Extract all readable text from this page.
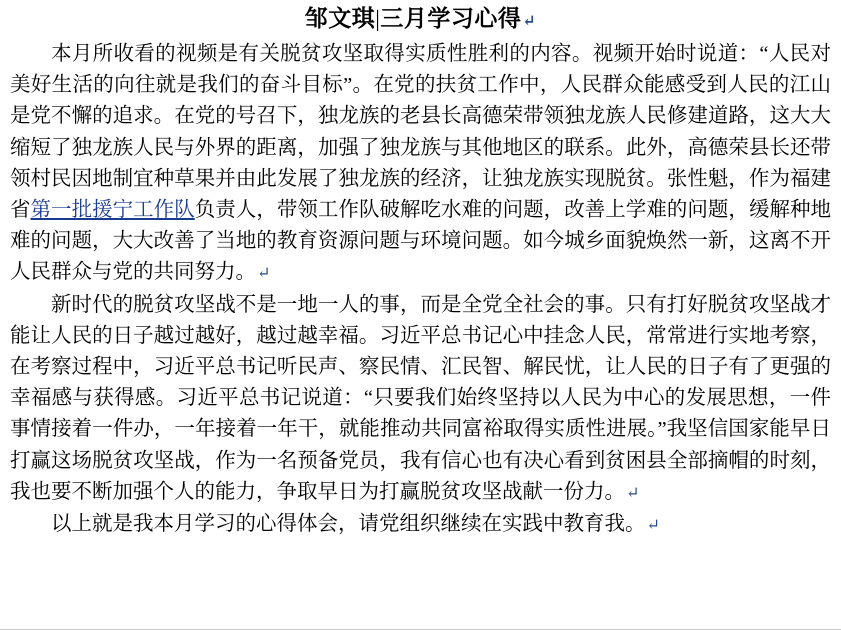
邹文琪|三月学习心得↵

本月所收看的视频是有关脱贫攻坚取得实质性胜利的内容。视频开始时说道：“人民对美好生活的向往就是我们的奋斗目标”。在党的扶贫工作中，人民群众能感受到人民的江山是党不懈的追求。在党的号召下，独龙族的老县长高德荣带领独龙族人民修建道路，这大大缩短了独龙族人民与外界的距离，加强了独龙族与其他地区的联系。此外，高德荣县长还带领村民因地制宜种草果并由此发展了独龙族的经济，让独龙族实现脱贫。张性魁，作为福建省第一批援宁工作队负责人，带领工作队破解吃水难的问题，改善上学难的问题，缓解种地难的问题，大大改善了当地的教育资源问题与环境问题。如今城乡面貌焕然一新，这离不开人民群众与党的共同努力。↵

新时代的脱贫攻坚战不是一地一人的事，而是全党全社会的事。只有打好脱贫攻坚战才能让人民的日子越过越好，越过越幸福。习近平总书记心中挂念人民，常常进行实地考察，在考察过程中，习近平总书记听民声、察民情、汇民智、解民忧，让人民的日子有了更强的幸福感与获得感。习近平总书记说道：“只要我们始终坚持以人民为中心的发展思想，一件事情接着一件办，一年接着一年干，就能推动共同富裕取得实质性进展。”我坚信国家能早日打赢这场脱贫攻坚战，作为一名预备党员，我有信心也有决心看到贫困县全部摘帽的时刻，我也要不断加强个人的能力，争取早日为打赢脱贫攻坚战献一份力。↵

以上就是我本月学习的心得体会，请党组织继续在实践中教育我。↵
